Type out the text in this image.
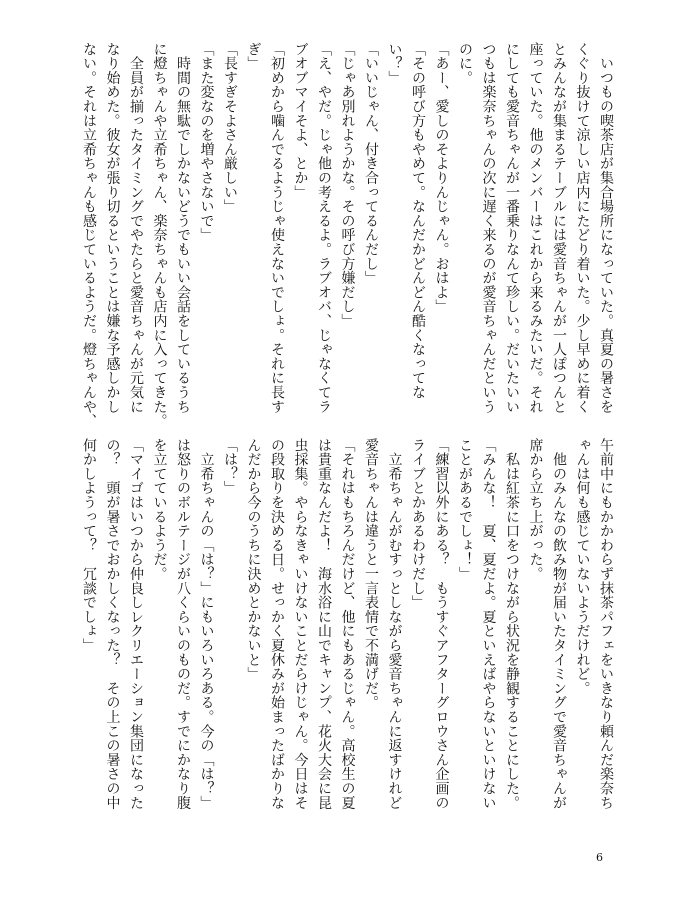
　いつもの喫茶店が集合場所になっていた。真夏の暑さを
くぐり抜けて涼しい店内にたどり着いた。少し早めに着く
とみんなが集まるテーブルには愛音ちゃんが一人ぽつんと
座っていた。他のメンバーはこれから来るみたいだ。それ
にしても愛音ちゃんが一番乗りなんて珍しい。だいたいい
つもは楽奈ちゃんの次に遅く来るのが愛音ちゃんだという
のに。
「あー、愛しのそよりんじゃん。おはよ」
「その呼び方もやめて。なんだかどんどん酷くなってな
い？」
「いいじゃん、付き合ってるんだし」
「じゃあ別れようかな。その呼び方嫌だし」
「え、やだ。じゃ他の考えるよ。ラブオバ、じゃなくてラ
ブオブマイそよ、とか」
「初めから噛んでるようじゃ使えないでしょ。それに長す
ぎ」
「長すぎそよさん厳しい」
「また変なのを増やさないで」
　時間の無駄でしかないどうでもいい会話をしているうち
に燈ちゃんや立希ちゃん、楽奈ちゃんも店内に入ってきた。
　全員が揃ったタイミングでやたらと愛音ちゃんが元気に
なり始めた。彼女が張り切るということは嫌な予感しかし
ない。それは立希ちゃんも感じているようだ。燈ちゃんや、
午前中にもかかわらず抹茶パフェをいきなり頼んだ楽奈ち
ゃんは何も感じていないようだけれど。
　他のみんなの飲み物が届いたタイミングで愛音ちゃんが
席から立ち上がった。
　私は紅茶に口をつけながら状況を静観することにした。
「みんな！　夏、夏だよ。夏といえばやらないといけない
ことがあるでしょ！」
「練習以外にある？　もうすぐアフターグロウさん企画の
ライブとかあるわけだし」
　立希ちゃんがむすっとしながら愛音ちゃんに返すけれど
愛音ちゃんは違うと一言表情で不満げだ。
「それはもちろんだけど、他にもあるじゃん。高校生の夏
は貴重なんだよ！　海水浴に山でキャンプ、花火大会に昆
虫採集。やらなきゃいけないことだらけじゃん。今日はそ
の段取りを決める日。せっかく夏休みが始まったばかりな
んだから今のうちに決めとかないと」
「は？」
　立希ちゃんの「は？」にもいろいろある。今の「は？」
は怒りのボルテージが八くらいのものだ。すでにかなり腹
を立てているようだ。
「マイゴはいつから仲良しレクリエーション集団になった
の？　頭が暑さでおかしくなった？　その上この暑さの中
何かしようって？　冗談でしょ」
6
